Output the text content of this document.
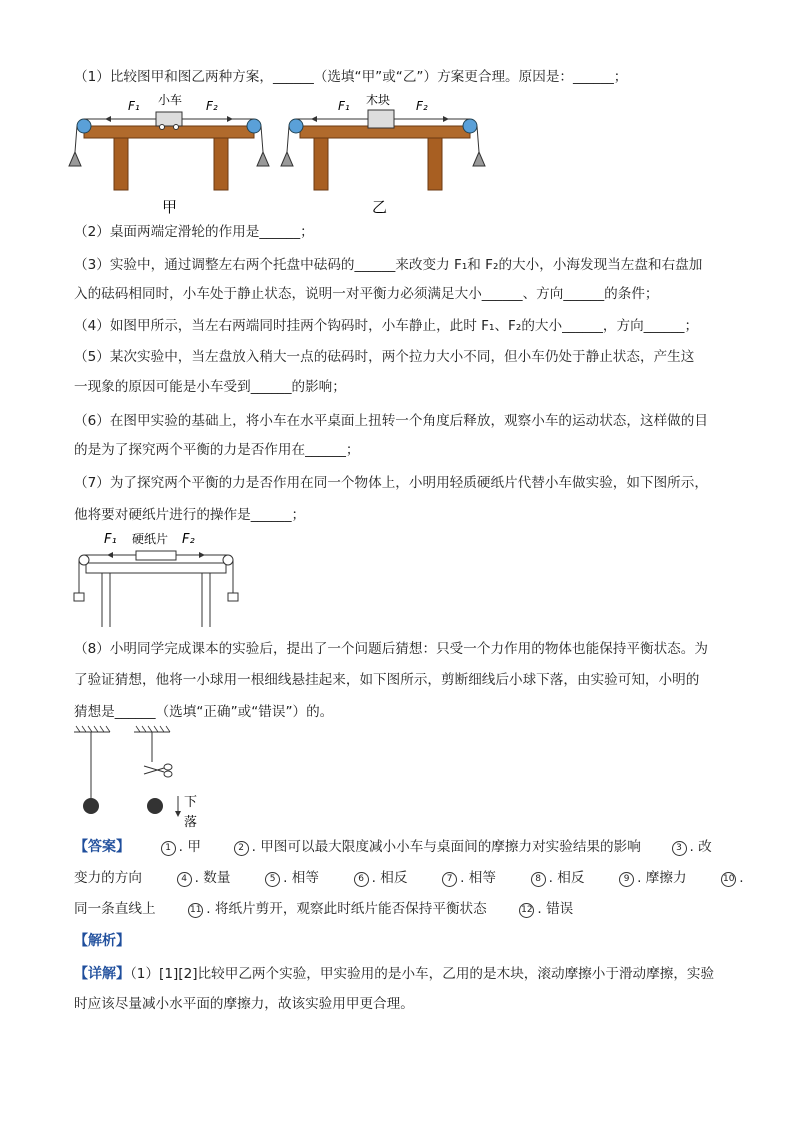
（1）比较图甲和图乙两种方案，______（选填“甲”或“乙”）方案更合理。原因是：______；
F₁ 小车 F₂
甲
F₁ 木块 F₂
乙
（2）桌面两端定滑轮的作用是______；
（3）实验中，通过调整左右两个托盘中砝码的______来改变力 F₁和 F₂的大小，小海发现当左盘和右盘加
入的砝码相同时，小车处于静止状态，说明一对平衡力必须满足大小______、方向______的条件；
（4）如图甲所示，当左右两端同时挂两个钩码时，小车静止，此时 F₁、F₂的大小______，方向______；
（5）某次实验中，当左盘放入稍大一点的砝码时，两个拉力大小不同，但小车仍处于静止状态，产生这
一现象的原因可能是小车受到______的影响；
（6）在图甲实验的基础上，将小车在水平桌面上扭转一个角度后释放，观察小车的运动状态，这样做的目
的是为了探究两个平衡的力是否作用在______；
（7）为了探究两个平衡的力是否作用在同一个物体上，小明用轻质硬纸片代替小车做实验，如下图所示，
他将要对硬纸片进行的操作是______；
F₁ 硬纸片 F₂
（8）小明同学完成课本的实验后，提出了一个问题后猜想：只受一个力作用的物体也能保持平衡状态。为
了验证猜想，他将一小球用一根细线悬挂起来，如下图所示，剪断细线后小球下落，由实验可知，小明的
猜想是______（选填“正确”或“错误”）的。
下
落
【答案】	1 . 甲	2 . 甲图可以最大限度减小小车与桌面间的摩擦力对实验结果的影响	3 . 改
变力的方向	4 . 数量	5 . 相等	6 . 相反	7 . 相等	8 . 相反	9 . 摩擦力	10 .
同一条直线上	11 . 将纸片剪开，观察此时纸片能否保持平衡状态	12 . 错误
【解析】
【详解】（1）[1][2]比较甲乙两个实验，甲实验用的是小车，乙用的是木块，滚动摩擦小于滑动摩擦，实验
时应该尽量减小水平面的摩擦力，故该实验用甲更合理。
